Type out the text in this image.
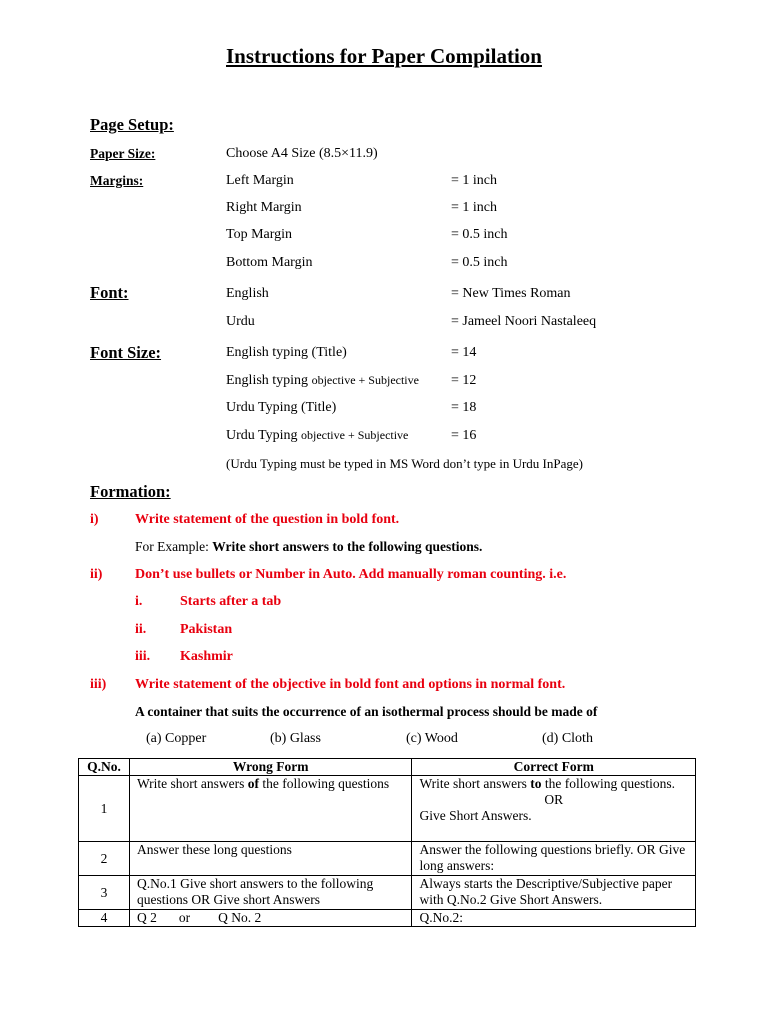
Instructions for Paper Compilation
Page Setup:
Paper Size:	Choose A4 Size (8.5×11.9)
Margins:	Left Margin	= 1 inch
Right Margin	= 1 inch
Top Margin	= 0.5 inch
Bottom Margin	= 0.5 inch
Font:	English	= New Times Roman
Urdu	= Jameel Noori Nastaleeq
Font Size:	English typing (Title)	= 14
English typing objective + Subjective = 12
Urdu Typing (Title)	= 18
Urdu Typing objective + Subjective	= 16
(Urdu Typing must be typed in MS Word don’t type in Urdu InPage)
Formation:
i)	Write statement of the question in bold font.
For Example: Write short answers to the following questions.
ii) Don’t use bullets or Number in Auto. Add manually roman counting. i.e.
i.	Starts after a tab
ii. Pakistan
iii. Kashmir
iii) Write statement of the objective in bold font and options in normal font.
A container that suits the occurrence of an isothermal process should be made of
(a) Copper	(b) Glass	(c) Wood	(d) Cloth
Q.No.	Wrong Form	Correct Form
1	Write short answers of the following questions	Write short answers to the following questions.
OR
Give Short Answers.

2	Answer these long questions	Answer the following questions briefly. OR Give long answers:
3	Q.No.1 Give short answers to the following questions OR Give short Answers	Always starts the Descriptive/Subjective paper with Q.No.2 Give Short Answers.
4	Q 2 or Q No. 2	Q.No.2:
